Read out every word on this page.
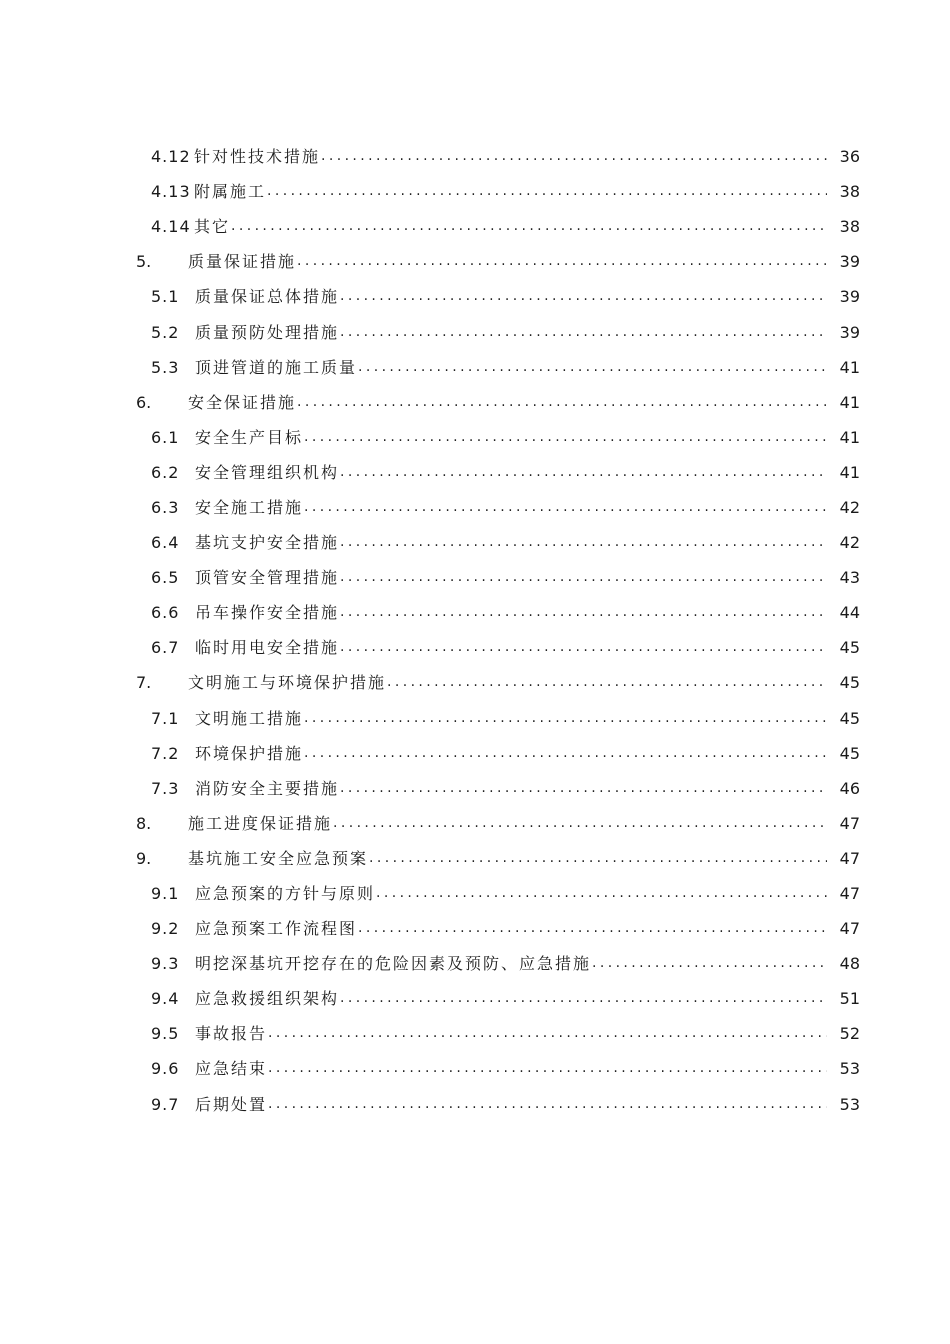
4.12 针对性技术措施 .....	36
4.13 附属施工 .....	38
4.14 其它 .....	38
5. 质量保证措施 .....	39
5.1 质量保证总体措施 .....	39
5.2 质量预防处理措施 .....	39
5.3 顶进管道的施工质量 .....	41
6. 安全保证措施 .....	41
6.1 安全生产目标 .....	41
6.2 安全管理组织机构 .....	41
6.3 安全施工措施 .....	42
6.4 基坑支护安全措施 .....	42
6.5 顶管安全管理措施 .....	43
6.6 吊车操作安全措施 .....	44
6.7 临时用电安全措施 .....	45
7. 文明施工与环境保护措施 .....	45
7.1 文明施工措施 .....	45
7.2 环境保护措施 .....	45
7.3 消防安全主要措施 .....	46
8. 施工进度保证措施 .....	47
9. 基坑施工安全应急预案 .....	47
9.1 应急预案的方针与原则 .....	47
9.2 应急预案工作流程图 .....	47
9.3 明挖深基坑开挖存在的危险因素及预防、应急措施 .....	48
9.4 应急救援组织架构 .....	51
9.5 事故报告 .....	52
9.6 应急结束 .....	53
9.7 后期处置 .....	53
